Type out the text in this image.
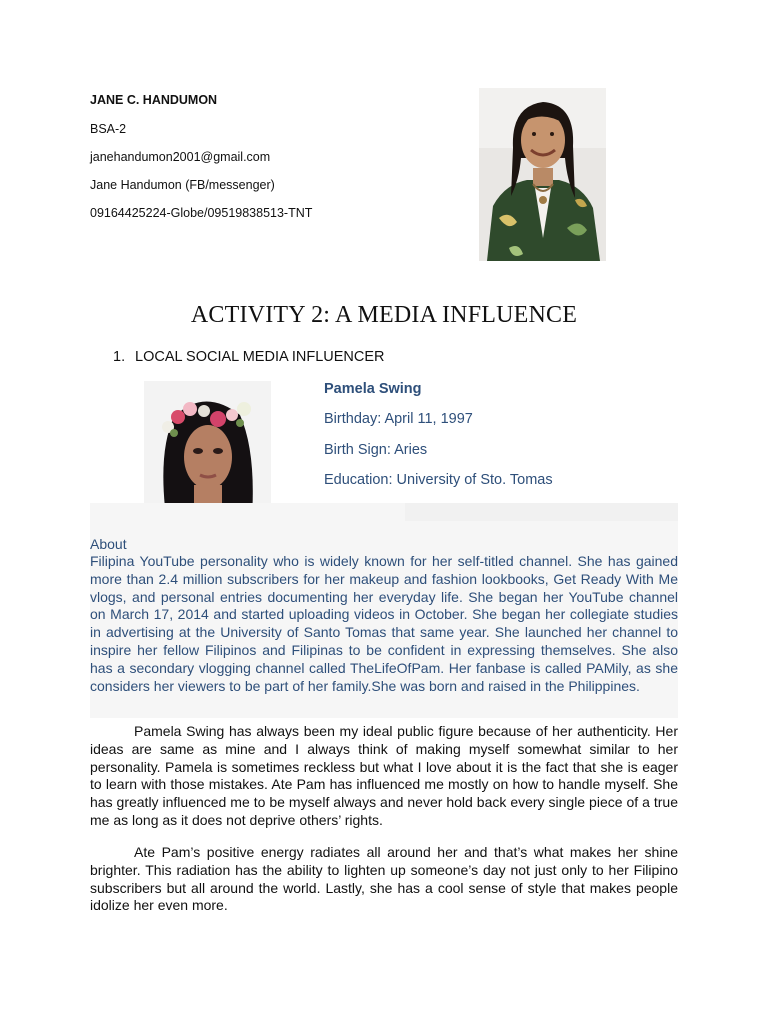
JANE C. HANDUMON
BSA-2
janehandumon2001@gmail.com
Jane Handumon (FB/messenger)
09164425224-Globe/09519838513-TNT
ACTIVITY 2: A MEDIA INFLUENCE
1. LOCAL SOCIAL MEDIA INFLUENCER
Pamela Swing
Birthday: April 11, 1997
Birth Sign: Aries
Education: University of Sto. Tomas
About
Filipina YouTube personality who is widely known for her self-titled channel. She has gained more than 2.4 million subscribers for her makeup and fashion lookbooks, Get Ready With Me vlogs, and personal entries documenting her everyday life. She began her YouTube channel on March 17, 2014 and started uploading videos in October. She began her collegiate studies in advertising at the University of Santo Tomas that same year. She launched her channel to inspire her fellow Filipinos and Filipinas to be confident in expressing themselves. She also has a secondary vlogging channel called TheLifeOfPam. Her fanbase is called PAMily, as she considers her viewers to be part of her family.She was born and raised in the Philippines.

Pamela Swing has always been my ideal public figure because of her authenticity. Her ideas are same as mine and I always think of making myself somewhat similar to her personality. Pamela is sometimes reckless but what I love about it is the fact that she is eager to learn with those mistakes. Ate Pam has influenced me mostly on how to handle myself. She has greatly influenced me to be myself always and never hold back every single piece of a true me as long as it does not deprive others’ rights.

Ate Pam’s positive energy radiates all around her and that’s what makes her shine brighter. This radiation has the ability to lighten up someone’s day not just only to her Filipino subscribers but all around the world. Lastly, she has a cool sense of style that makes people idolize her even more.
